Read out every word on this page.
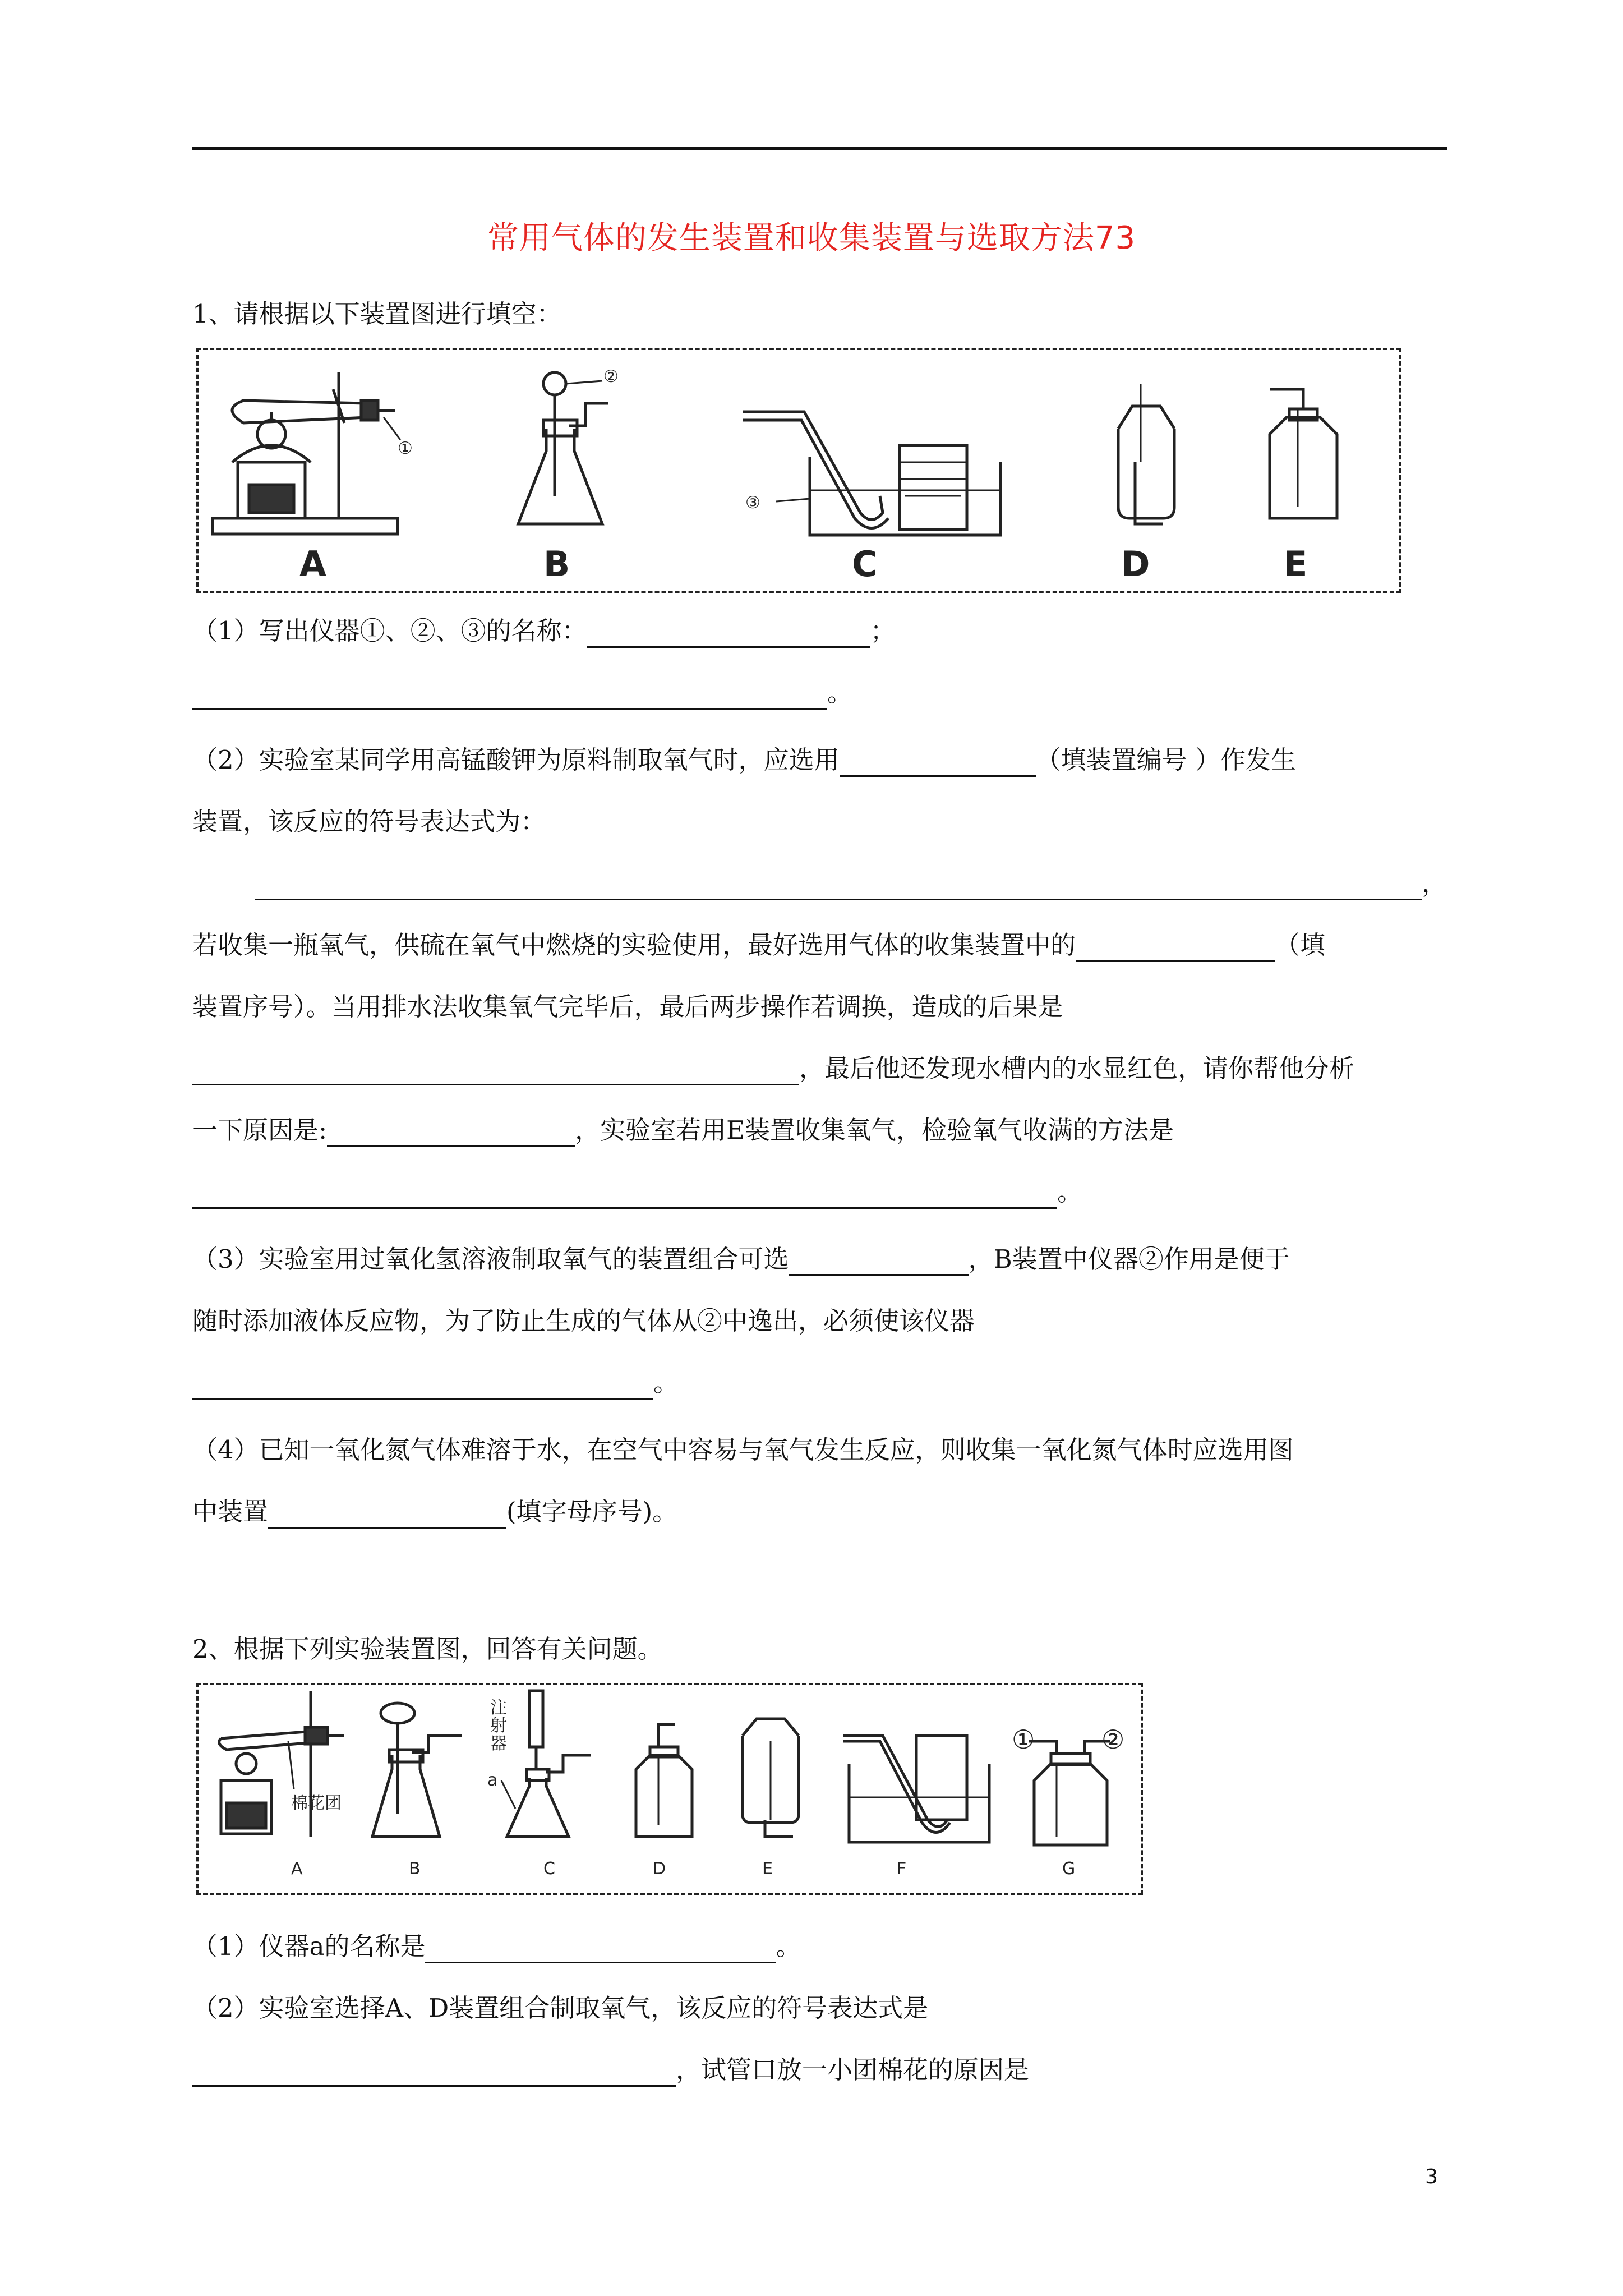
常用气体的发生装置和收集装置与选取方法73
1、请根据以下装置图进行填空：
①
A
②
B
③
C	D	E
（1）写出仪器①、②、③的名称：	；
。
（2）实验室某同学用高锰酸钾为原料制取氧气时，应选用	（填装置编号 ）作发生
装置，该反应的符号表达式为：
，
若收集一瓶氧气，供硫在氧气中燃烧的实验使用，最好选用气体的收集装置中的	（填
装置序号）。当用排水法收集氧气完毕后，最后两步操作若调换，造成的后果是
，最后他还发现水槽内的水显红色，请你帮他分析
一下原因是:	，实验室若用E装置收集氧气，检验氧气收满的方法是
。
（3）实验室用过氧化氢溶液制取氧气的装置组合可选	，B装置中仪器②作用是便于
随时添加液体反应物，为了防止生成的气体从②中逸出，必须使该仪器
。
（4）已知一氧化氮气体难溶于水，在空气中容易与氧气发生反应，则收集一氧化氮气体时应选用图
中装置	(填字母序号)。
2、根据下列实验装置图，回答有关问题。
棉花团
A	B
注射器
a
C	D	E	F
①	②
G
（1）仪器a的名称是	。
（2）实验室选择A、D装置组合制取氧气，该反应的符号表达式是
，试管口放一小团棉花的原因是
3
